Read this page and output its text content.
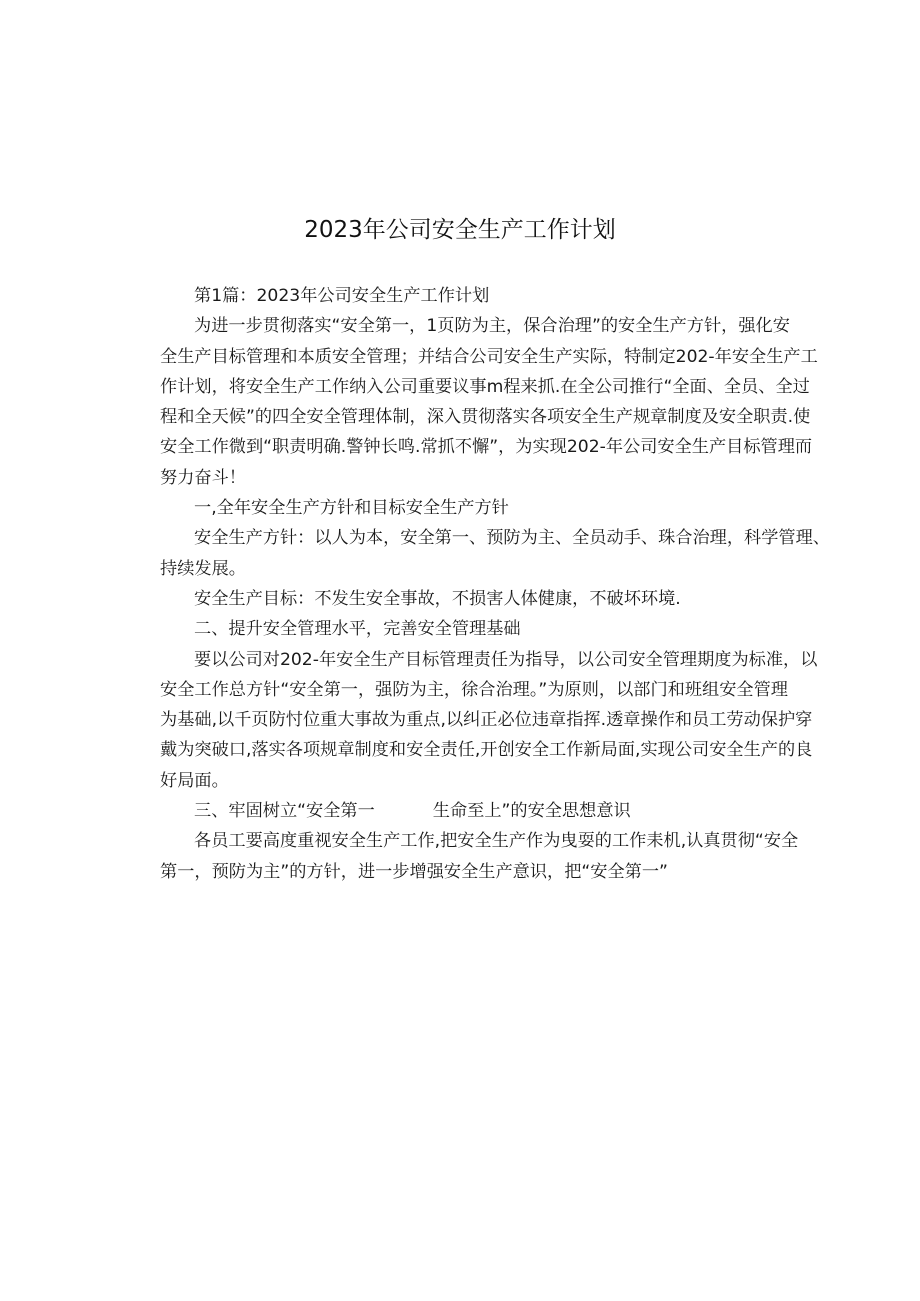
2023年公司安全生产工作计划
第1篇：2023年公司安全生产工作计划
为进一步贯彻落实“安全第一，1页防为主，保合治理”的安全生产方针，强化安
全生产目标管理和本质安全管理；并结合公司安全生产实际，特制定202-年安全生产工
作计划，将安全生产工作纳入公司重要议事m程来抓.在全公司推行“全面、全员、全过
程和全天候”的四全安全管理体制，深入贯彻落实各项安全生产规章制度及安全职责.使
安全工作微到“职责明确.警钟长鸣.常抓不懈”，为实现202-年公司安全生产目标管理而
努力奋斗！
一,全年安全生产方针和目标安全生产方针
安全生产方针：以人为本，安全第一、预防为主、全员动手、珠合治理，科学管理、
持续发展。
安全生产目标：不发生安全事故，不损害人体健康，不破坏环境.
二、提升安全管理水平，完善安全管理基础
要以公司对202-年安全生产目标管理责任为指导，以公司安全管理期度为标准，以
安全工作总方针“安全第一，强防为主，徐合治理。”为原则，以部门和班组安全管理
为基础,以千页防忖位重大事故为重点,以纠正必位违章指挥.透章操作和员工劳动保护穿
戴为突破口,落实各项规章制度和安全责任,开创安全工作新局面,实现公司安全生产的良
好局面。
三、牢固树立“安全第一	生命至上”的安全思想意识
各员工要高度重视安全生产工作,把安全生产作为曳耍的工作耒机,认真贯彻“安全
第一，预防为主”的方针，进一步增强安全生产意识，把“安全第一”
